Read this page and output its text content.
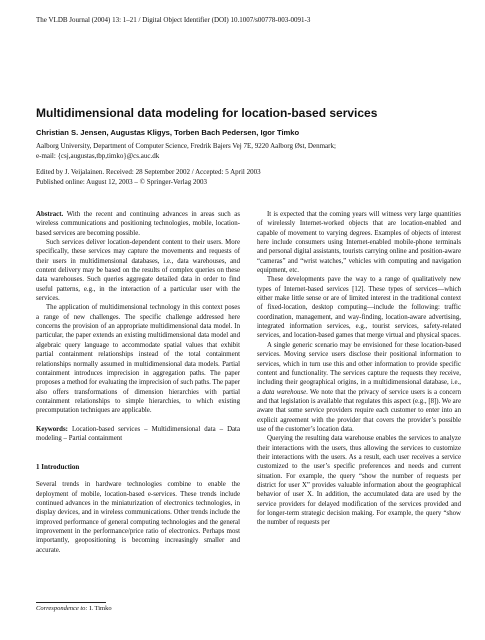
The VLDB Journal (2004) 13: 1–21 / Digital Object Identifier (DOI) 10.1007/s00778-003-0091-3
Multidimensional data modeling for location-based services
Christian S. Jensen, Augustas Kligys, Torben Bach Pedersen, Igor Timko
Aalborg University, Department of Computer Science, Fredrik Bajers Vej 7E, 9220 Aalborg Øst, Denmark;
e-mail: {csj,augustas,tbp,timko}@cs.auc.dk
Edited by J. Veijalainen. Received: 28 September 2002 / Accepted: 5 April 2003
Published online: August 12, 2003 – © Springer-Verlag 2003

Abstract. With the recent and continuing advances in areas such as wireless communications and positioning technologies, mobile, location-based services are becoming possible.

Such services deliver location-dependent content to their users. More specifically, these services may capture the movements and requests of their users in multidimensional databases, i.e., data warehouses, and content delivery may be based on the results of complex queries on these data warehouses. Such queries aggregate detailed data in order to find useful patterns, e.g., in the interaction of a particular user with the services.

The application of multidimensional technology in this context poses a range of new challenges. The specific challenge addressed here concerns the provision of an appropriate multidimensional data model. In particular, the paper extends an existing multidimensional data model and algebraic query language to accommodate spatial values that exhibit partial containment relationships instead of the total containment relationships normally assumed in multidimensional data models. Partial containment introduces imprecision in aggregation paths. The paper proposes a method for evaluating the imprecision of such paths. The paper also offers transformations of dimension hierarchies with partial containment relationships to simple hierarchies, to which existing precomputation techniques are applicable.

Keywords: Location-based services – Multidimensional data – Data modeling – Partial containment

1 Introduction

Several trends in hardware technologies combine to enable the deployment of mobile, location-based e-services. These trends include continued advances in the miniaturization of electronics technologies, in display devices, and in wireless communications. Other trends include the improved performance of general computing technologies and the general improvement in the performance/price ratio of electronics. Perhaps most importantly, geopositioning is becoming increasingly smaller and accurate.

It is expected that the coming years will witness very large quantities of wirelessly Internet-worked objects that are location-enabled and capable of movement to varying degrees. Examples of objects of interest here include consumers using Internet-enabled mobile-phone terminals and personal digital assistants, tourists carrying online and position-aware “cameras” and “wrist watches,” vehicles with computing and navigation equipment, etc.

These developments pave the way to a range of qualitatively new types of Internet-based services [12]. These types of services—which either make little sense or are of limited interest in the traditional context of fixed-location, desktop computing—include the following: traffic coordination, management, and way-finding, location-aware advertising, integrated information services, e.g., tourist services, safety-related services, and location-based games that merge virtual and physical spaces.

A single generic scenario may be envisioned for these location-based services. Moving service users disclose their positional information to services, which in turn use this and other information to provide specific content and functionality. The services capture the requests they receive, including their geographical origins, in a multidimensional database, i.e., a data warehouse. We note that the privacy of service users is a concern and that legislation is available that regulates this aspect (e.g., [8]). We are aware that some service providers require each customer to enter into an explicit agreement with the provider that covers the provider’s possible use of the customer’s location data.

Querying the resulting data warehouse enables the services to analyze their interactions with the users, thus allowing the services to customize their interactions with the users. As a result, each user receives a service customized to the user’s specific preferences and needs and current situation. For example, the query “show the number of requests per district for user X” provides valuable information about the geographical behavior of user X. In addition, the accumulated data are used by the service providers for delayed modification of the services provided and for longer-term strategic decision making. For example, the query “show the number of requests per

Correspondence to: I. Timko
